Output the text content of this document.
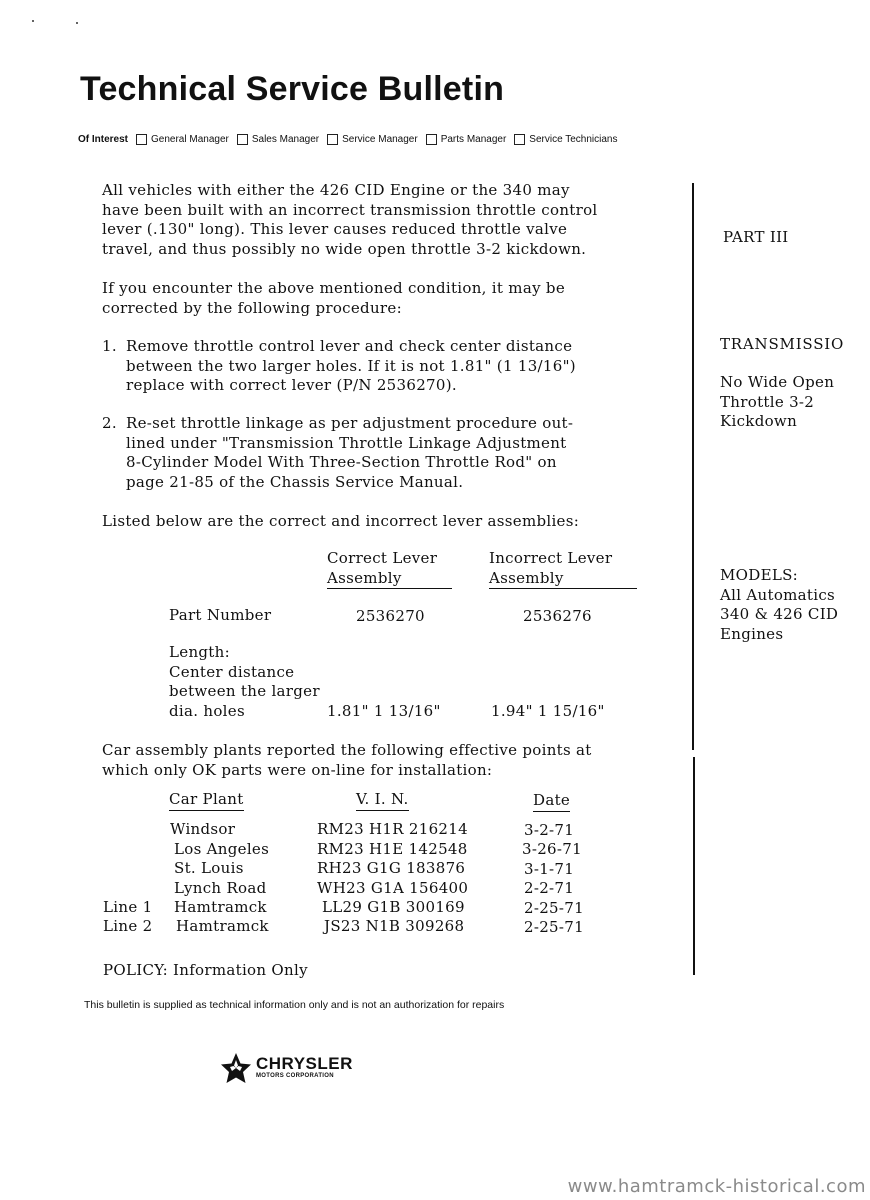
Technical Service Bulletin
Of Interest General Manager Sales Manager Service Manager Parts Manager Service Technicians
All vehicles with either the 426 CID Engine or the 340 may
have been built with an incorrect transmission throttle control
lever (.130" long). This lever causes reduced throttle valve
travel, and thus possibly no wide open throttle 3-2 kickdown.
If you encounter the above mentioned condition, it may be
corrected by the following procedure:
1. Remove throttle control lever and check center distance
between the two larger holes. If it is not 1.81" (1 13/16")
replace with correct lever (P/N 2536270).
2. Re-set throttle linkage as per adjustment procedure out-
lined under "Transmission Throttle Linkage Adjustment
8-Cylinder Model With Three-Section Throttle Rod" on
page 21-85 of the Chassis Service Manual.
Listed below are the correct and incorrect lever assemblies:
Correct Lever
Assembly
Incorrect Lever
Assembly
Part Number	2536270	2536276
Length:
Center distance
between the larger
dia. holes	1.81" 1 13/16"	1.94" 1 15/16"
Car assembly plants reported the following effective points at
which only OK parts were on-line for installation:
Car Plant	V. I. N.	Date
Windsor	RM23 H1R 216214	3-2-71
Los Angeles	RM23 H1E 142548	3-26-71
St. Louis	RH23 G1G 183876	3-1-71
Lynch Road	WH23 G1A 156400	2-2-71
Line 1 Hamtramck	LL29 G1B 300169	2-25-71
Line 2 Hamtramck	JS23 N1B 309268	2-25-71
POLICY: Information Only
PART III
TRANSMISSIO
No Wide Open
Throttle 3-2
Kickdown
MODELS:
All Automatics
340 & 426 CID
Engines
This bulletin is supplied as technical information only and is not an authorization for repairs
CHRYSLER
MOTORS CORPORATION
www.hamtramck-historical.com
